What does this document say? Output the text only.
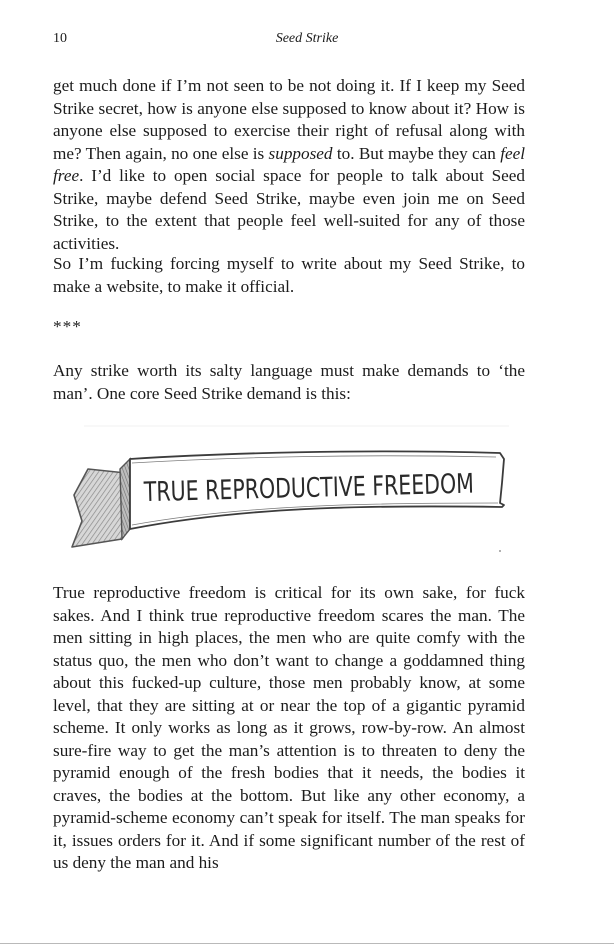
10	Seed Strike

get much done if I’m not seen to be not doing it. If I keep my Seed Strike secret, how is anyone else supposed to know about it? How is anyone else supposed to exercise their right of refusal along with me? Then again, no one else is supposed to. But maybe they can feel free. I’d like to open social space for people to talk about Seed Strike, maybe defend Seed Strike, maybe even join me on Seed Strike, to the extent that people feel well-suited for any of those activities.

So I’m fucking forcing myself to write about my Seed Strike, to make a website, to make it official.

***

Any strike worth its salty language must make demands to ‘the man’. One core Seed Strike demand is this:

TRUE REPRODUCTIVE FREEDOM

True reproductive freedom is critical for its own sake, for fuck sakes. And I think true reproductive freedom scares the man. The men sitting in high places, the men who are quite comfy with the status quo, the men who don’t want to change a goddamned thing about this fucked-up culture, those men probably know, at some level, that they are sitting at or near the top of a gigantic pyramid scheme. It only works as long as it grows, row-by-row. An almost sure-fire way to get the man’s attention is to threaten to deny the pyramid enough of the fresh bodies that it needs, the bodies it craves, the bodies at the bottom. But like any other economy, a pyramid-scheme economy can’t speak for itself. The man speaks for it, issues orders for it. And if some significant number of the rest of us deny the man and his
